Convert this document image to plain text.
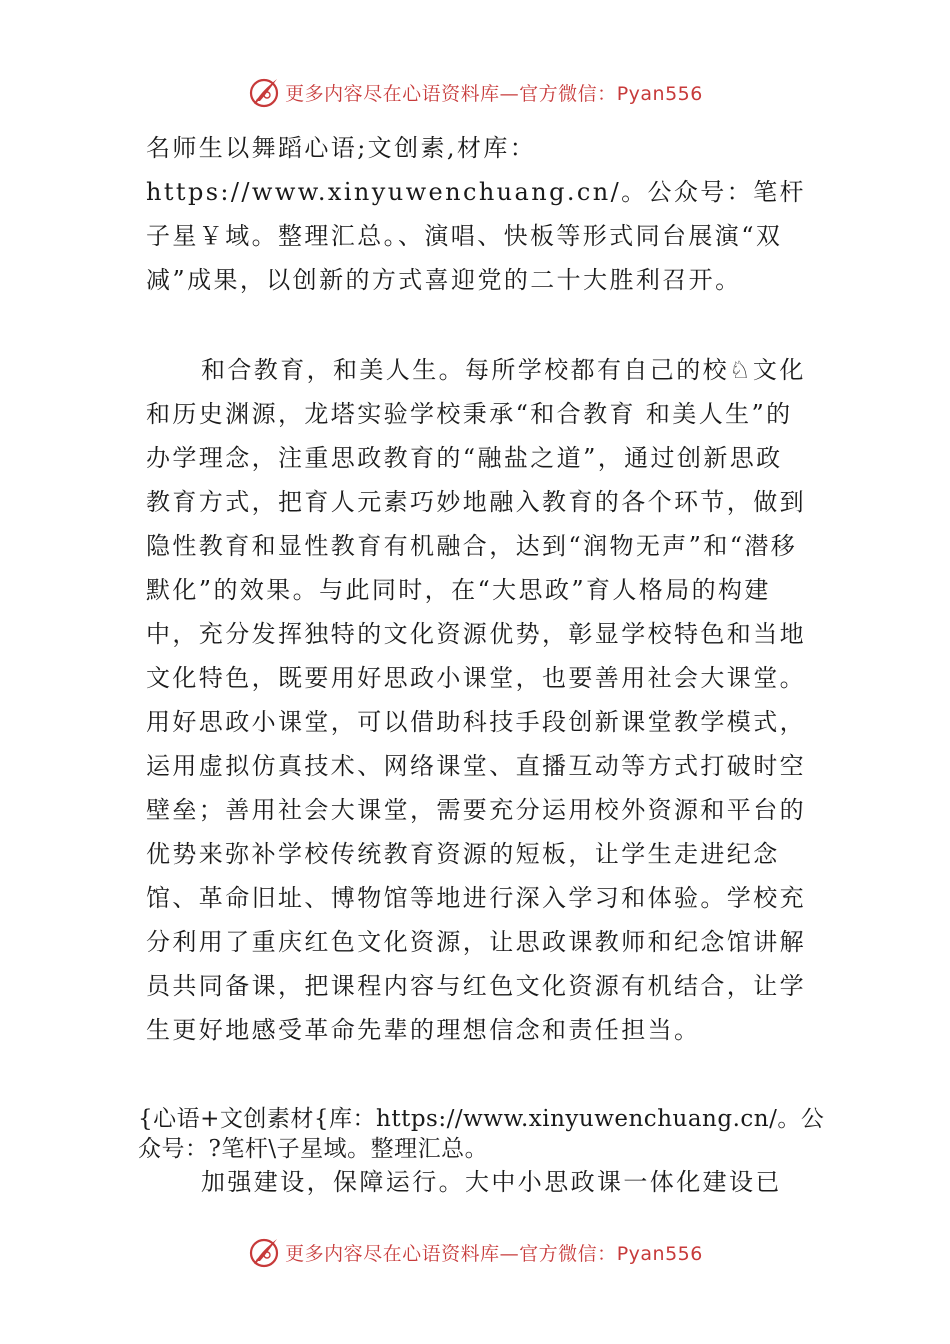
更多内容尽在心语资料库—官方微信：Pyan556

名师生以舞蹈心语;文创素,材库：https://www.xinyuwenchuang.cn/。公众号：笔杆子星￥域。整理汇总。、演唱、快板等形式同台展演“双减”成果，以创新的方式喜迎党的二十大胜利召开。

和合教育，和美人生。每所学校都有自己的校♘文化和历史渊源，龙塔实验学校秉承“和合教育 和美人生”的办学理念，注重思政教育的“融盐之道”，通过创新思政教育方式，把育人元素巧妙地融入教育的各个环节，做到隐性教育和显性教育有机融合，达到“润物无声”和“潜移默化”的效果。与此同时，在“大思政”育人格局的构建中，充分发挥独特的文化资源优势，彰显学校特色和当地文化特色，既要用好思政小课堂，也要善用社会大课堂。用好思政小课堂，可以借助科技手段创新课堂教学模式，运用虚拟仿真技术、网络课堂、直播互动等方式打破时空壁垒；善用社会大课堂，需要充分运用校外资源和平台的优势来弥补学校传统教育资源的短板，让学生走进纪念馆、革命旧址、博物馆等地进行深入学习和体验。学校充分利用了重庆红色文化资源，让思政课教师和纪念馆讲解员共同备课，把课程内容与红色文化资源有机结合，让学生更好地感受革命先辈的理想信念和责任担当。

{心语+文创素材{库：https://www.xinyuwenchuang.cn/。公众号：?笔杆\子星域。整理汇总。

加强建设，保障运行。大中小思政课一体化建设已

更多内容尽在心语资料库—官方微信：Pyan556
